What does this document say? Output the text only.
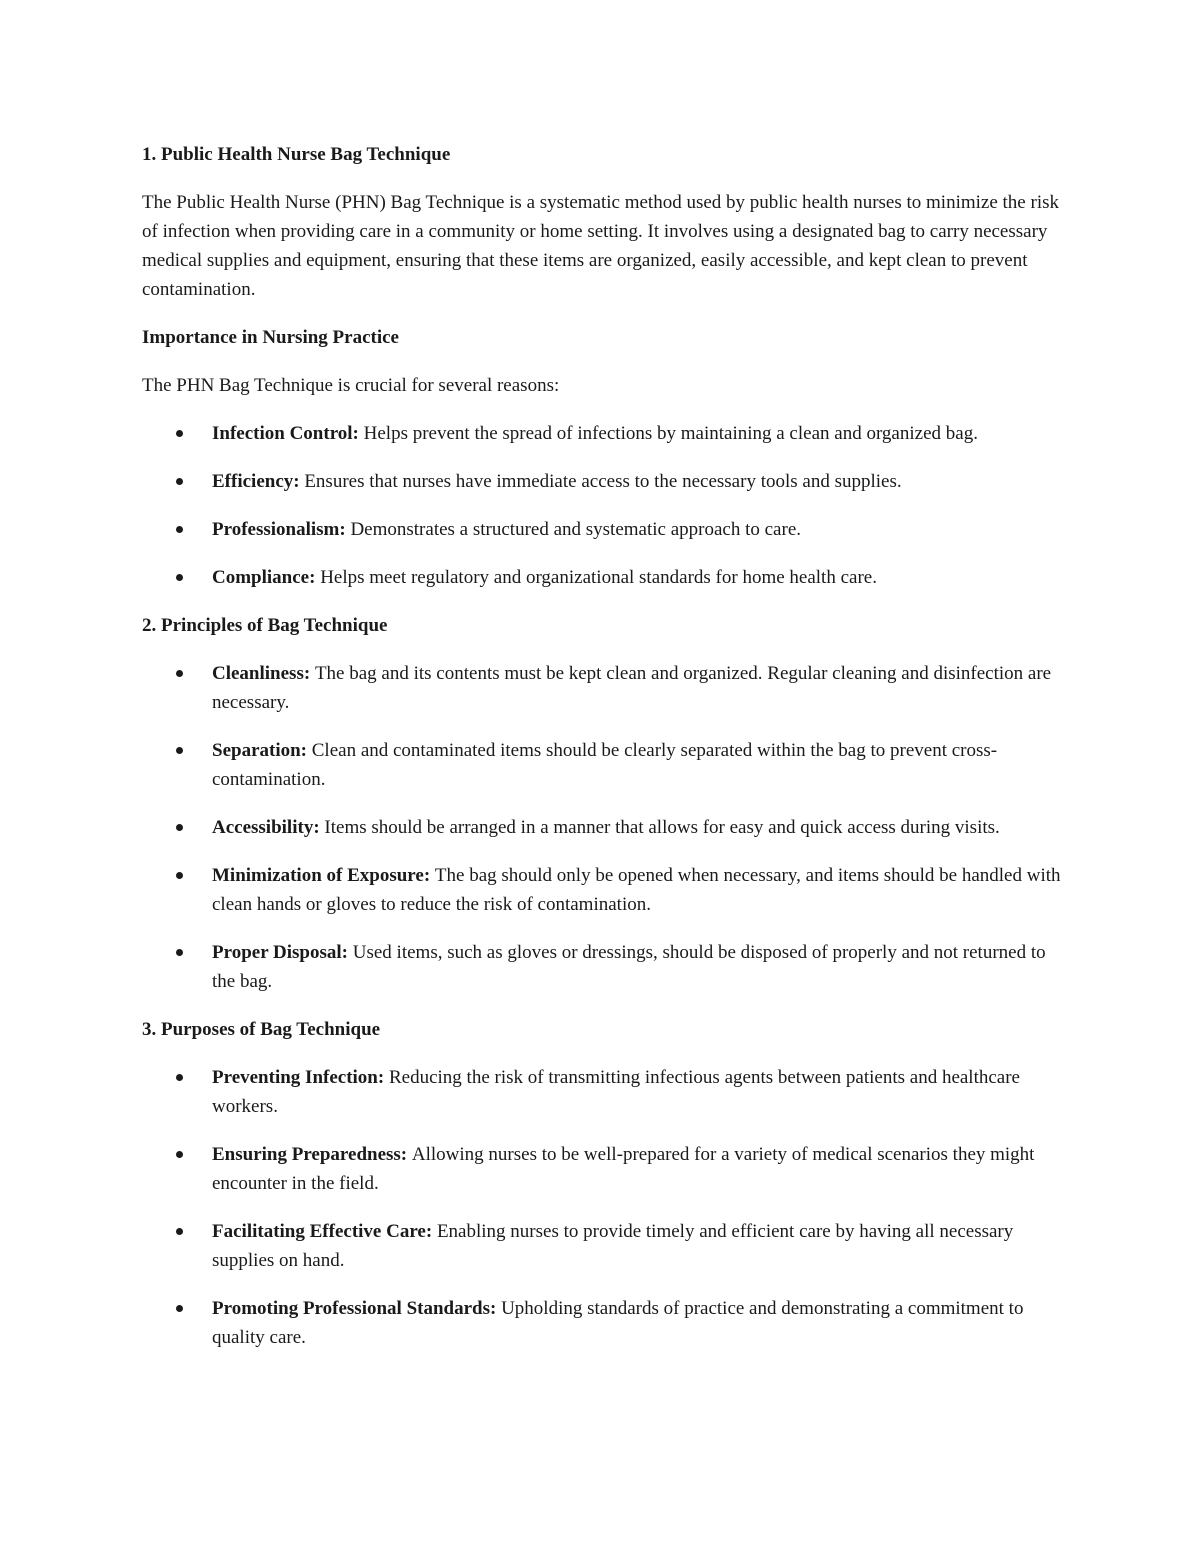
1. Public Health Nurse Bag Technique
The Public Health Nurse (PHN) Bag Technique is a systematic method used by public health nurses to minimize the risk of infection when providing care in a community or home setting. It involves using a designated bag to carry necessary medical supplies and equipment, ensuring that these items are organized, easily accessible, and kept clean to prevent contamination.
Importance in Nursing Practice
The PHN Bag Technique is crucial for several reasons:
Infection Control: Helps prevent the spread of infections by maintaining a clean and organized bag.
Efficiency: Ensures that nurses have immediate access to the necessary tools and supplies.
Professionalism: Demonstrates a structured and systematic approach to care.
Compliance: Helps meet regulatory and organizational standards for home health care.
2. Principles of Bag Technique
Cleanliness: The bag and its contents must be kept clean and organized. Regular cleaning and disinfection are necessary.
Separation: Clean and contaminated items should be clearly separated within the bag to prevent cross-contamination.
Accessibility: Items should be arranged in a manner that allows for easy and quick access during visits.
Minimization of Exposure: The bag should only be opened when necessary, and items should be handled with clean hands or gloves to reduce the risk of contamination.
Proper Disposal: Used items, such as gloves or dressings, should be disposed of properly and not returned to the bag.
3. Purposes of Bag Technique
Preventing Infection: Reducing the risk of transmitting infectious agents between patients and healthcare workers.
Ensuring Preparedness: Allowing nurses to be well-prepared for a variety of medical scenarios they might encounter in the field.
Facilitating Effective Care: Enabling nurses to provide timely and efficient care by having all necessary supplies on hand.
Promoting Professional Standards: Upholding standards of practice and demonstrating a commitment to quality care.
